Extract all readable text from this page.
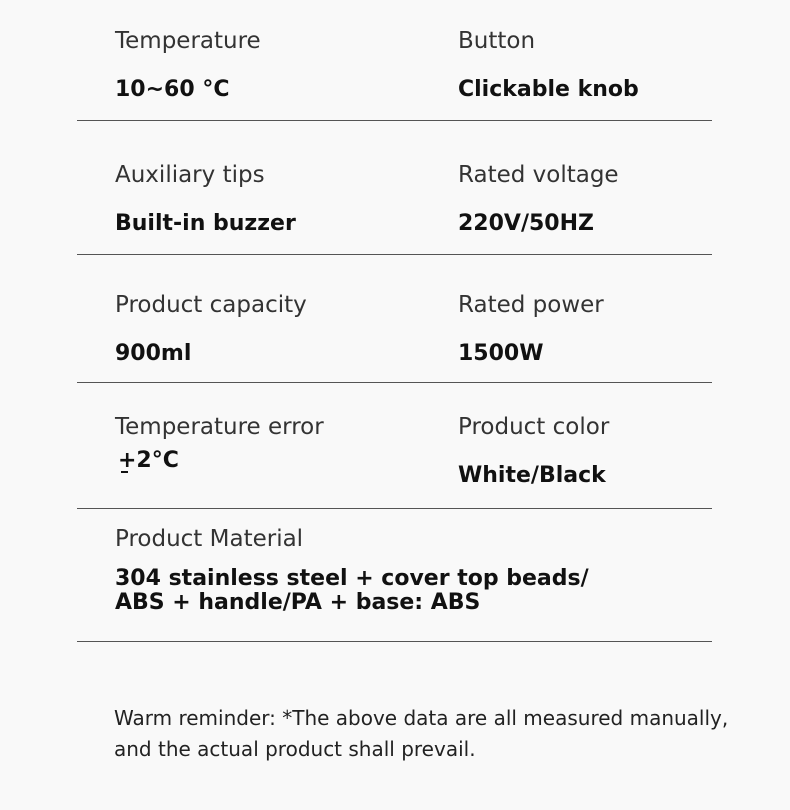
Temperature
10~60 °C
Button
Clickable knob
Auxiliary tips
Built-in buzzer
Rated voltage
220V/50HZ
Product capacity
900ml
Rated power
1500W
Temperature error
+2°C
Product color
White/Black
Product Material
304 stainless steel + cover top beads/
ABS + handle/PA + base: ABS
Warm reminder: *The above data are all measured manually,
and the actual product shall prevail.
